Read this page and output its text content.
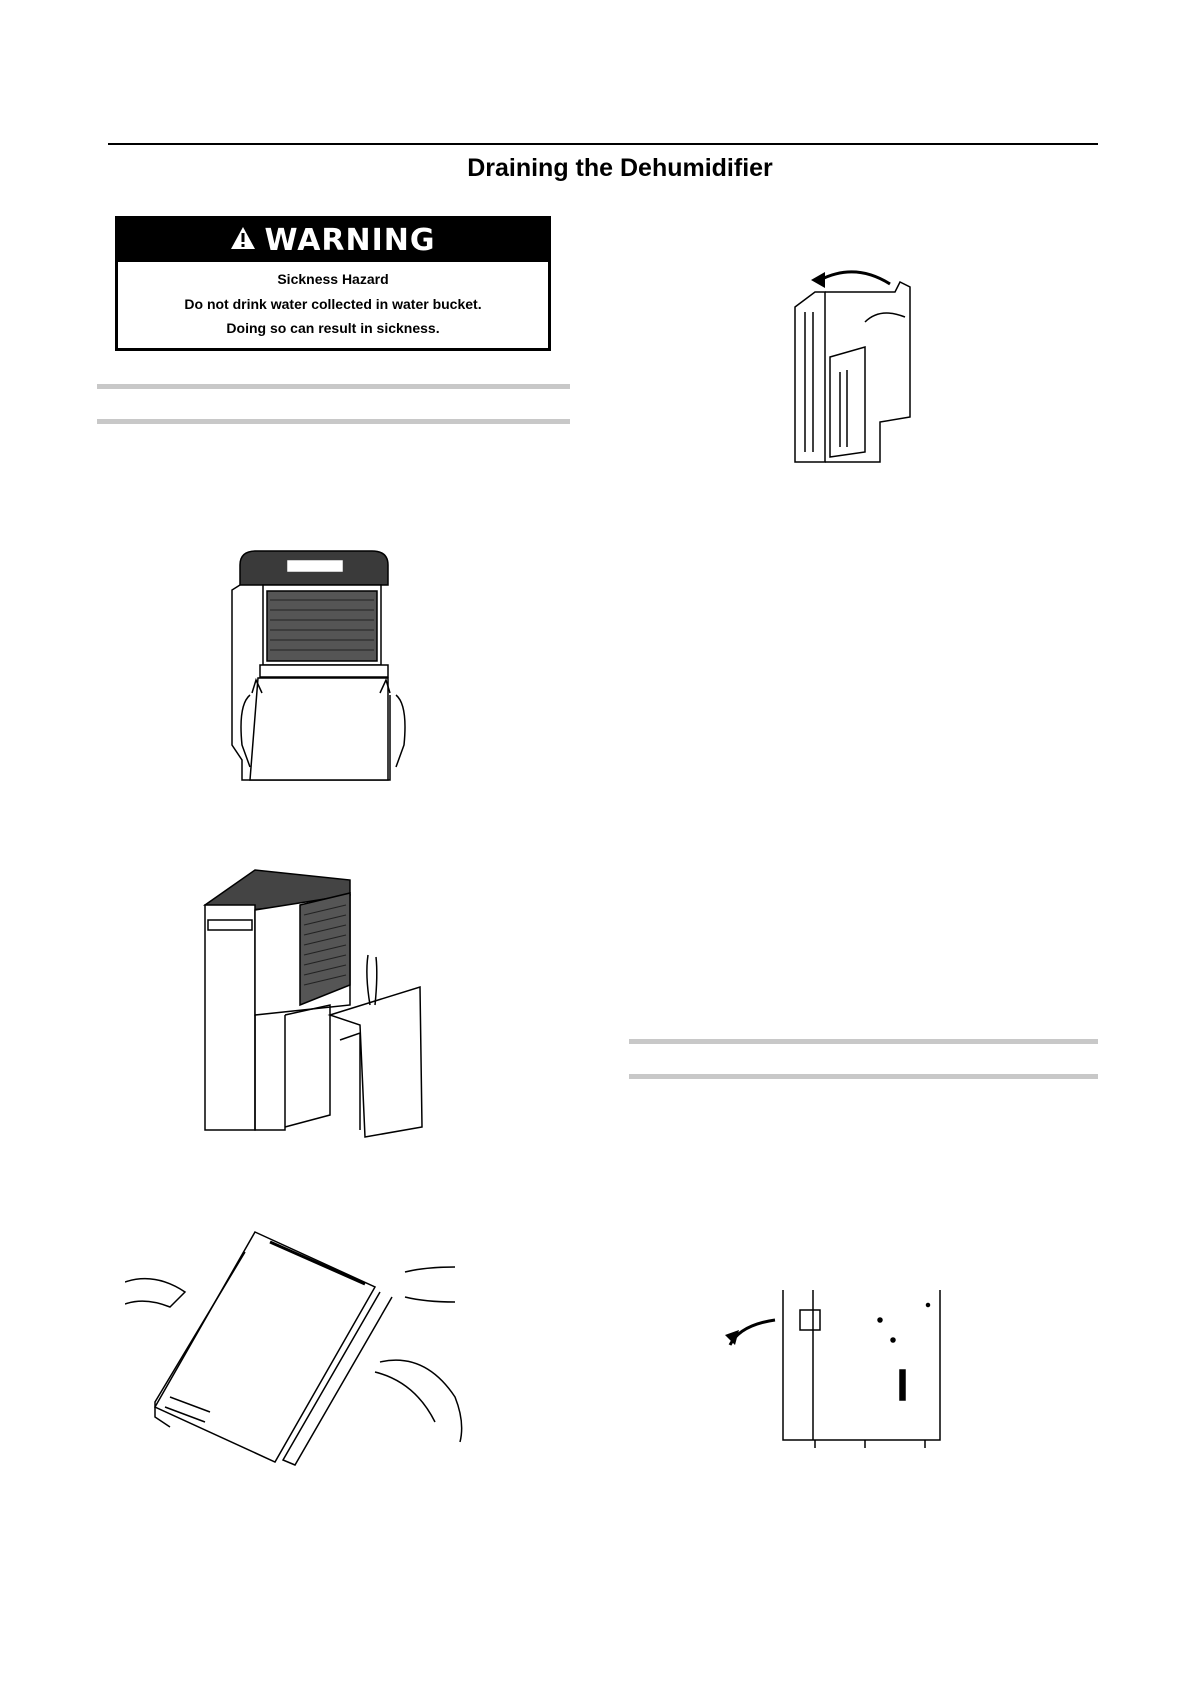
Draining the Dehumidifier
WARNING
Sickness Hazard
Do not drink water collected in water bucket.
Doing so can result in sickness.
